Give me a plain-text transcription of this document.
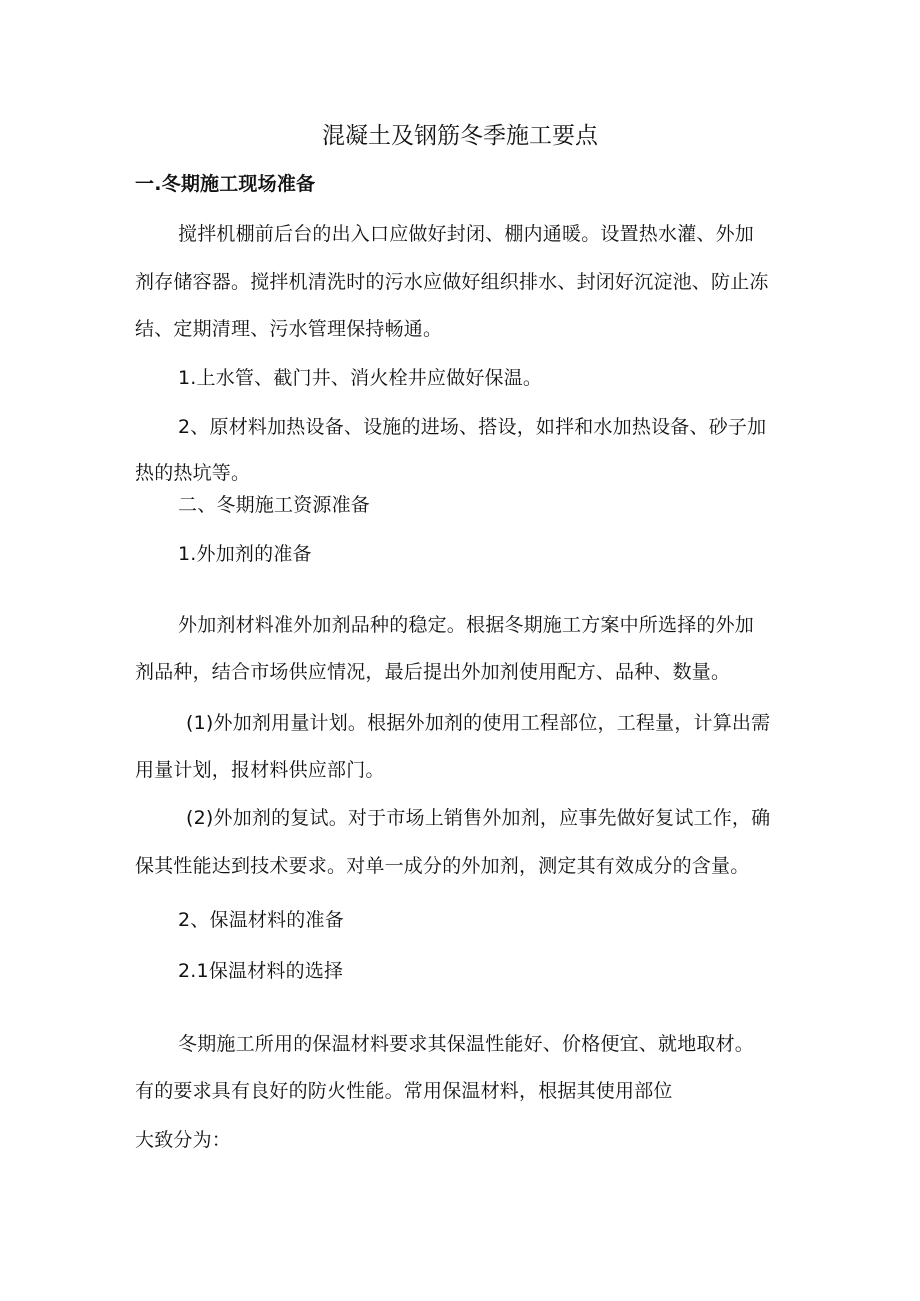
混凝土及钢筋冬季施工要点
一.冬期施工现场准备
搅拌机棚前后台的出入口应做好封闭、棚内通暖。设置热水灌、外加
剂存储容器。搅拌机清洗时的污水应做好组织排水、封闭好沉淀池、防止冻
结、定期清理、污水管理保持畅通。
1.上水管、截门井、消火栓井应做好保温。
2、原材料加热设备、设施的进场、搭设，如拌和水加热设备、砂子加
热的热坑等。
二、冬期施工资源准备
1.外加剂的准备
外加剂材料准外加剂品种的稳定。根据冬期施工方案中所选择的外加
剂品种，结合市场供应情况，最后提出外加剂使用配方、品种、数量。
(1)外加剂用量计划。根据外加剂的使用工程部位，工程量，计算出需
用量计划，报材料供应部门。
(2)外加剂的复试。对于市场上销售外加剂，应事先做好复试工作，确
保其性能达到技术要求。对单一成分的外加剂，测定其有效成分的含量。
2、保温材料的准备
2.1保温材料的选择
冬期施工所用的保温材料要求其保温性能好、价格便宜、就地取材。
有的要求具有良好的防火性能。常用保温材料，根据其使用部位
大致分为：
